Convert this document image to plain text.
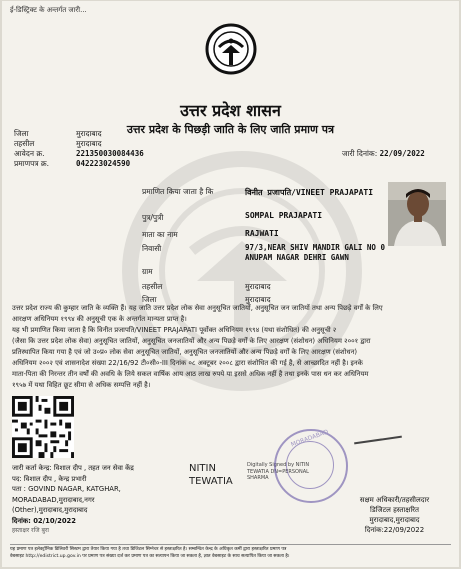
ई-डिस्ट्रिक्ट के अन्तर्गत जारी...
उत्तर प्रदेश शासन
उत्तर प्रदेश के पिछड़ी जाति के लिए जाति प्रमाण पत्र
जिला	मुरादाबाद
तहसील	मुरादाबाद
आवेदन क्र.	221350030084436
प्रमाणपत्र क्र.	042223024590
जारी दिनांक: 22/09/2022
प्रमाणित किया जाता है कि	विनीत प्रजापति/VINEET PRAJAPATI
पुत्र/पुत्री	SOMPAL PRAJAPATI
माता का नाम	RAJWATI
निवासी	97/3,NEAR SHIV MANDIR GALI NO 0 ANUPAM NAGAR DEHRI GAWN
ग्राम
तहसील	मुरादाबाद
जिला	मुरादाबाद
उत्तर प्रदेश राज्य की कुम्हार जाति के व्यक्ति हैं। यह जाति उत्तर प्रदेश लोक सेवा अनुसूचित जातियों, अनुसूचित जन जातियों तथा अन्य पिछड़े वर्गों के लिए
आरक्षण अधिनियम १९९४ की अनुसूची एक के अन्तर्गत मान्यता प्राप्त है।
यह भी प्रमाणित किया जाता है कि विनीत प्रजापति/VINEET PRAJAPATI पूर्वोक्त अधिनियम १९९४ (यथा संशोधित) की अनुसूची २
(जैसा कि उत्तर प्रदेश लोक सेवा) अनुसूचित जातियों, अनुसूचित जनजातियों और अन्य पिछड़े वर्गों के लिए आरक्षण (संशोधन) अधिनियम २००१ द्वारा
प्रतिस्थापित किया गया है एवं जो उ०प्र० लोक सेवा अनुसूचित जातियों, अनुसूचित जनजातियों और अन्य पिछड़े वर्गों के लिए आरक्षण (संशोधन)
अधिनियम २००२ एवं शासनादेश संख्या 22/16/92 टी०सी०-III दिनांक ०८ अक्टूबर २००८ द्वारा संशोधित की गई है, से आच्छादित नहीं है। इनके
माता-पिता की निरन्तर तीन वर्षों की अवधि के लिये सकल वार्षिक आय आठ लाख रुपये या इससे अधिक नहीं है तथा इनके पास धन कर अधिनियम
१९५७ में यथा विहित छूट सीमा से अधिक सम्पत्ति नहीं है।
जारी कर्ता केन्द्र: विशाल दीप , तहत जन सेवा केंद्र
पद: विशाल दीप , केन्द्र प्रभारी
पता : GOVIND NAGAR, KATGHAR,
MORADABAD,मुरादाबाद,नगर
(Other),मुरादाबाद,मुरादाबाद
दिनांक: 02/10/2022
हस्ताक्षर रजि बुरा
NITIN
TEWATIA
Digitally Signed by NITIN
TEWATIA DN=PERSONAL
SHARMA
MORADABAD
सक्षम अधिकारी/तहसीलदार
डिजिटल हस्ताक्षरित
मुरादाबाद,मुरादाबाद
दिनांक:22/09/2022
यह प्रमाण पत्र इलेक्ट्रॉनिक डिलिवरी सिस्टम द्वारा तैयार किया गया है तथा डिजिटल सिग्नेचर से हस्ताक्षरित है। सम्बन्धित केन्द्र के अधिकृत कर्मी द्वारा हस्ताक्षरित प्रमाण पत्र
वेबसाइट http://edistrict.up.gov.in पर प्रमाण पत्र संख्या दर्ज कर प्रमाण पत्र का सत्यापन किया जा सकता है, ज्ञात वेबसाइट के साथ सत्यापित किया जा सकता है।
